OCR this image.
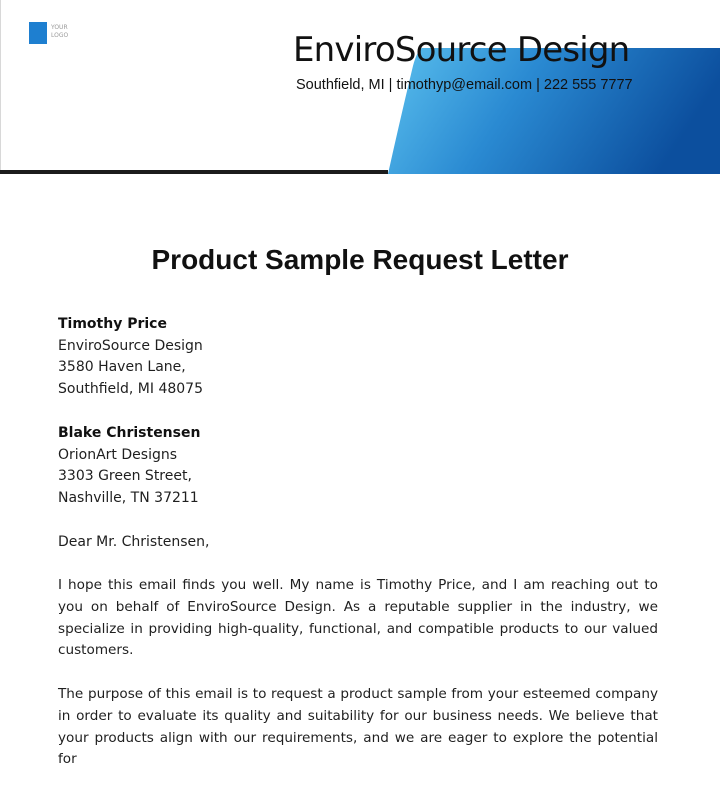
YOUR LOGO	EnviroSource Design
Southfield, MI | timothyp@email.com | 222 555 7777
Product Sample Request Letter
Timothy Price
EnviroSource Design
3580 Haven Lane,
Southfield, MI 48075
Blake Christensen
OrionArt Designs
3303 Green Street,
Nashville, TN 37211
Dear Mr. Christensen,

I hope this email finds you well. My name is Timothy Price, and I am reaching out to you on behalf of EnviroSource Design. As a reputable supplier in the industry, we specialize in providing high-quality, functional, and compatible products to our valued customers.

The purpose of this email is to request a product sample from your esteemed company in order to evaluate its quality and suitability for our business needs. We believe that your products align with our requirements, and we are eager to explore the potential for
